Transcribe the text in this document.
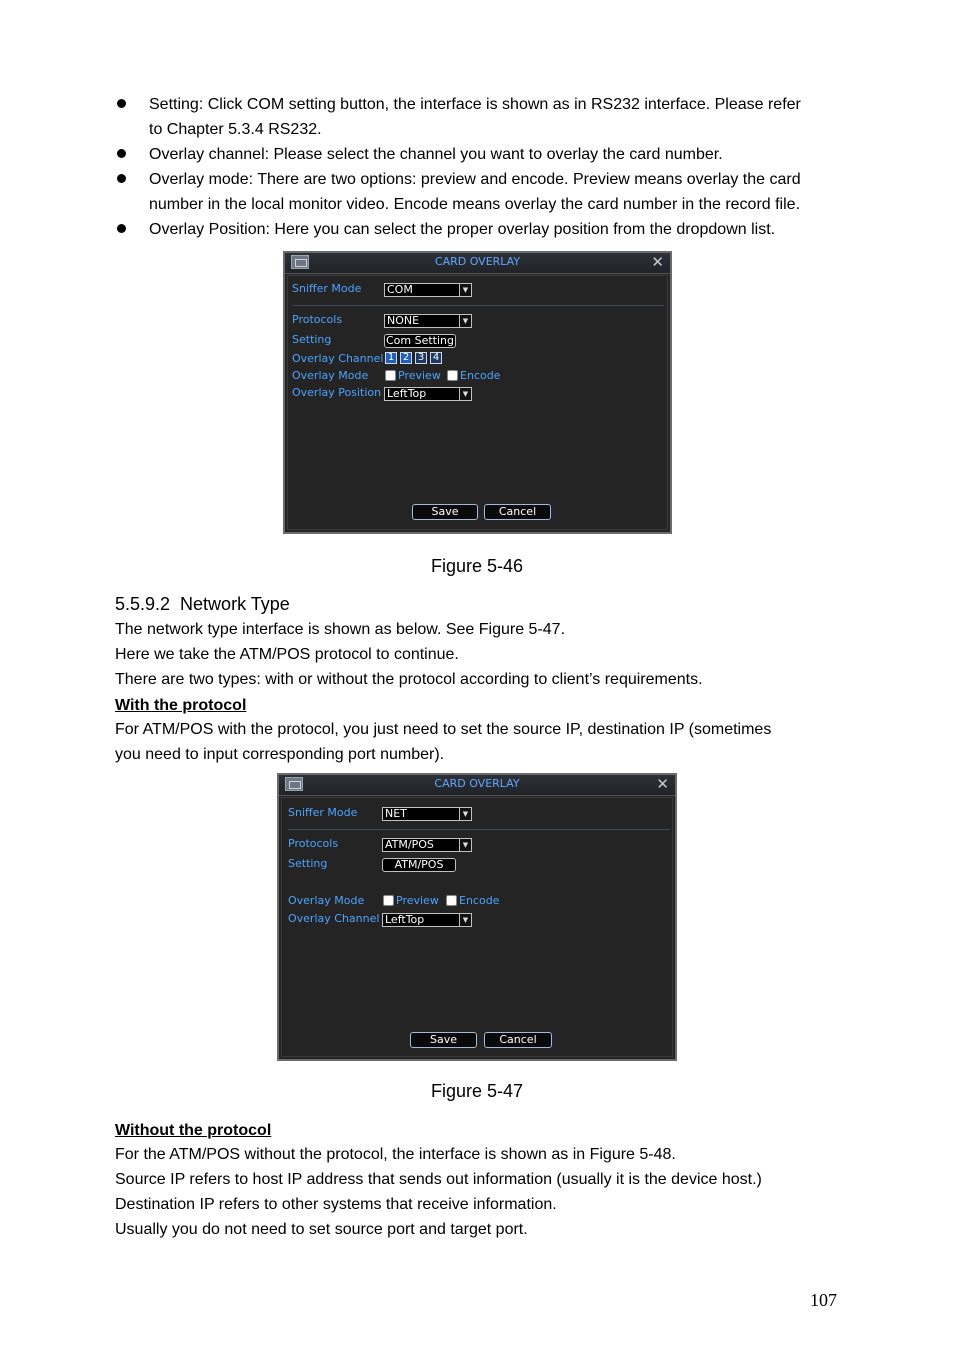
Setting: Click COM setting button, the interface is shown as in RS232 interface. Please refer
to Chapter 5.3.4 RS232.
Overlay channel: Please select the channel you want to overlay the card number.
Overlay mode: There are two options: preview and encode. Preview means overlay the card
number in the local monitor video. Encode means overlay the card number in the record file.
Overlay Position: Here you can select the proper overlay position from the dropdown list.
CARD OVERLAY	✕
Sniffer Mode COM	▼
Protocols	NONE	▼
Setting	Com Setting
Overlay Channel 1 2 3 4
Overlay Mode	Preview Encode
Overlay Position LeftTop	▼
Save	Cancel
Figure 5-46
5.5.9.2  Network Type
The network type interface is shown as below. See Figure 5-47.
Here we take the ATM/POS protocol to continue.
There are two types: with or without the protocol according to client’s requirements.
With the protocol
For ATM/POS with the protocol, you just need to set the source IP, destination IP (sometimes
you need to input corresponding port number).
CARD OVERLAY	✕
Sniffer Mode	NET	▼
Protocols	ATM/POS	▼
Setting	ATM/POS
Overlay Mode	Preview Encode
Overlay Channel LeftTop	▼
Save	Cancel
Figure 5-47
Without the protocol
For the ATM/POS without the protocol, the interface is shown as in Figure 5-48.
Source IP refers to host IP address that sends out information (usually it is the device host.)
Destination IP refers to other systems that receive information.
Usually you do not need to set source port and target port.
107
